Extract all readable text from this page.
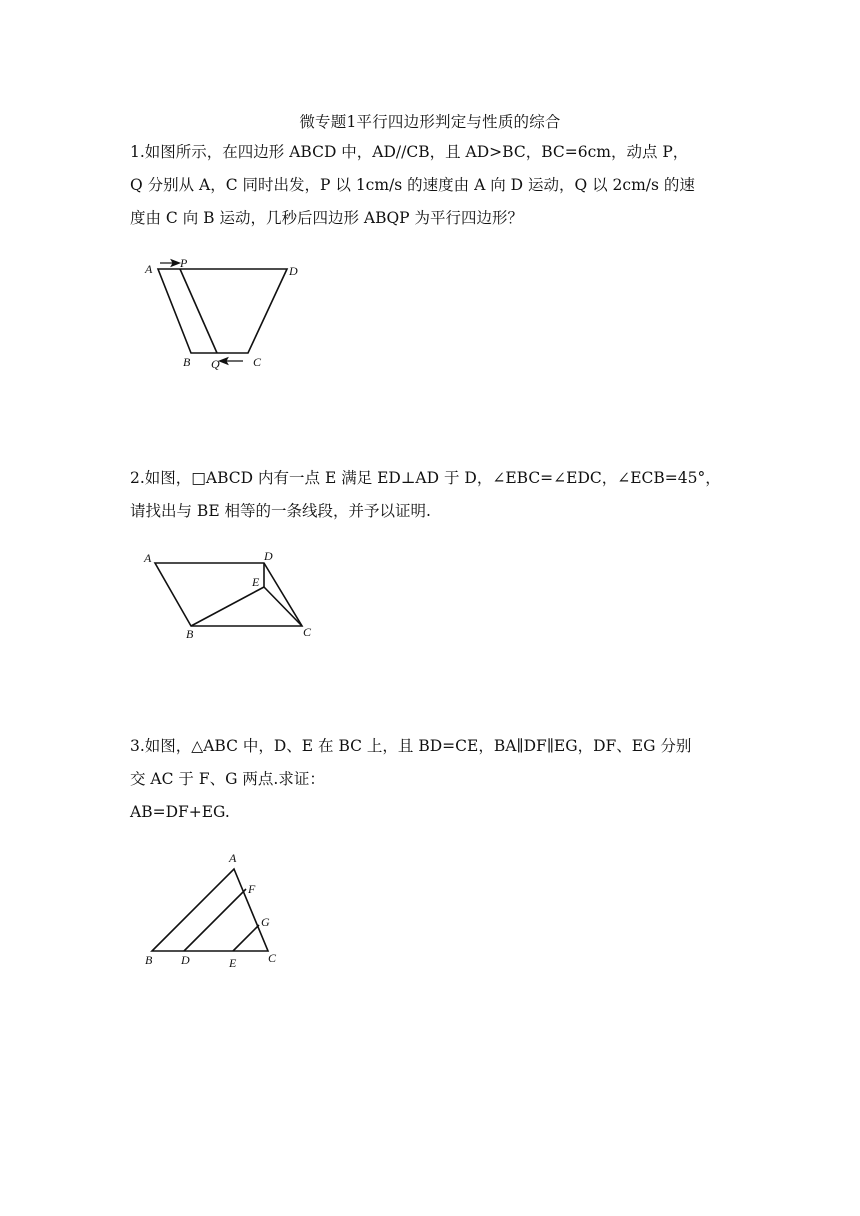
微专题1平行四边形判定与性质的综合
1.如图所示，在四边形 ABCD 中，AD//CB，且 AD>BC，BC=6cm，动点 P，
Q 分别从 A，C 同时出发，P 以 1cm/s 的速度由 A 向 D 运动，Q 以 2cm/s 的速
度由 C 向 B 运动，几秒后四边形 ABQP 为平行四边形？
A P
D
B Q	C
2.如图，□ABCD 内有一点 E 满足 ED⊥AD 于 D，∠EBC=∠EDC，∠ECB=45°，
请找出与 BE 相等的一条线段，并予以证明.
A	D
E
B	C
3.如图，△ABC 中，D、E 在 BC 上，且 BD=CE，BA∥DF∥EG，DF、EG 分别
交 AC 于 F、G 两点.求证：
AB=DF+EG.
A
F
G
B D	E	C
